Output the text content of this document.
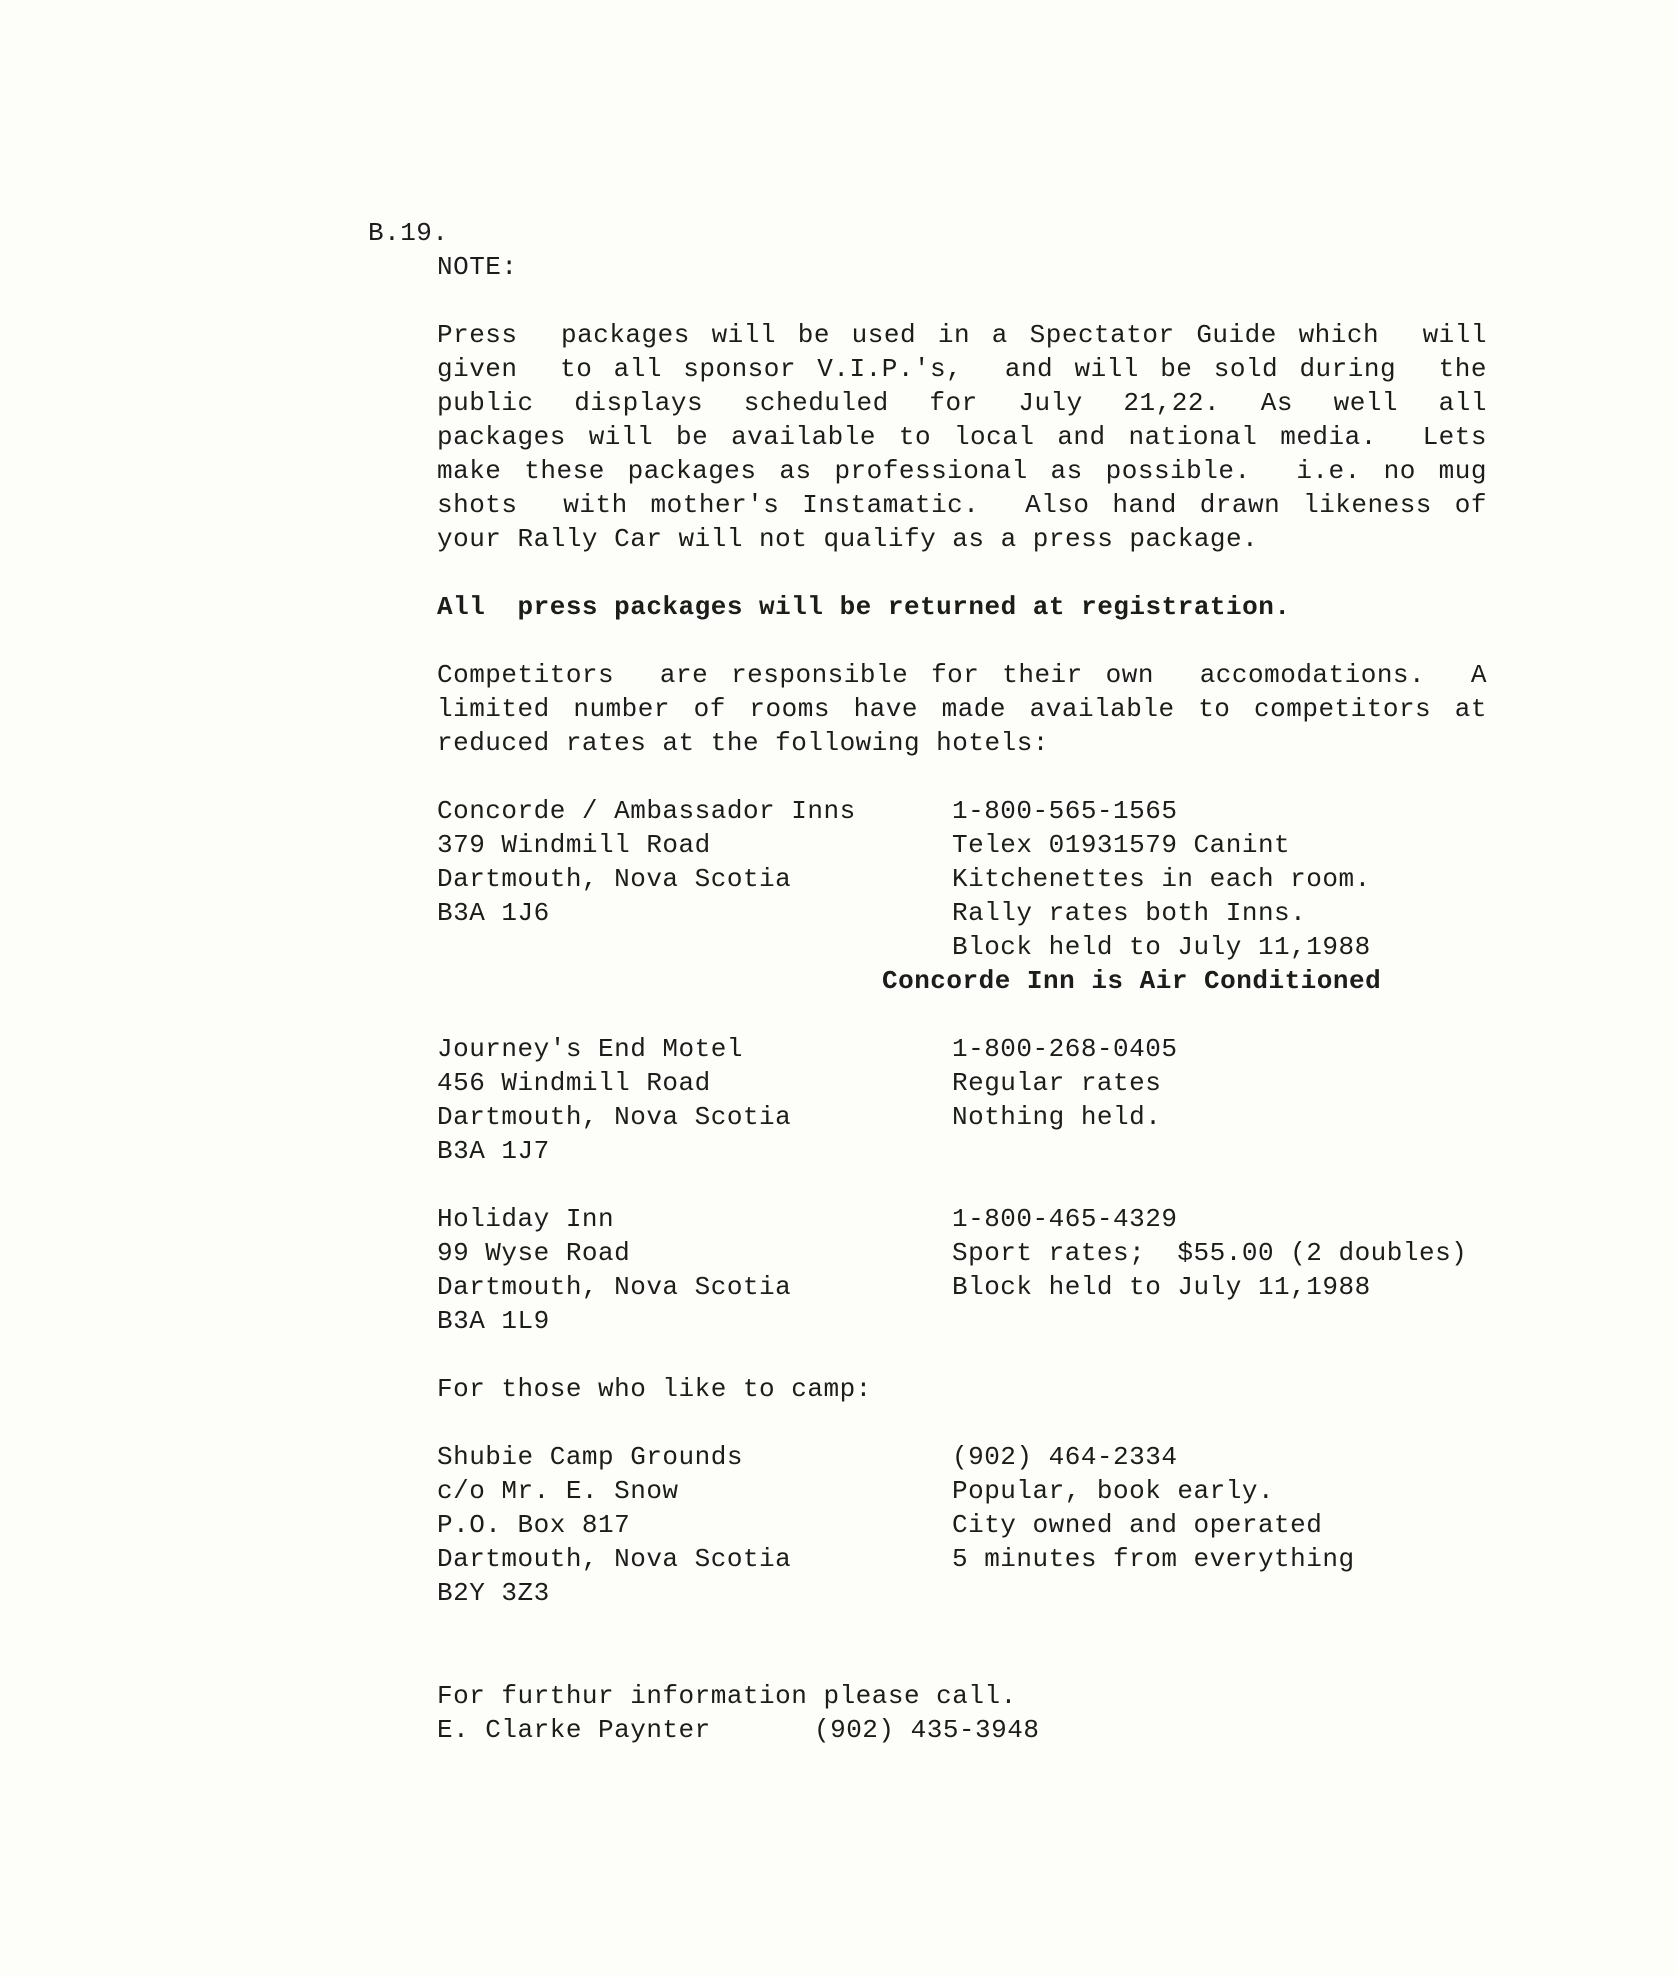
B.19.
NOTE:
Press  packages will be used in a Spectator Guide which  will
given  to all sponsor V.I.P.'s,  and will be sold during  the
public  displays  scheduled  for  July  21,22.  As  well  all
packages will be available to local and national media.  Lets
make these packages as professional as possible.  i.e. no mug
shots  with mother's Instamatic.  Also hand drawn likeness of
your Rally Car will not qualify as a press package.
All  press packages will be returned at registration.
Competitors  are responsible for their own  accomodations.  A
limited number of rooms have made available to competitors at
reduced rates at the following hotels:
Concorde / Ambassador Inns
379 Windmill Road
Dartmouth, Nova Scotia
B3A 1J6
1-800-565-1565
Telex 01931579 Canint
Kitchenettes in each room.
Rally rates both Inns.
Block held to July 11,1988
Concorde Inn is Air Conditioned
Journey's End Motel
456 Windmill Road
Dartmouth, Nova Scotia
B3A 1J7
1-800-268-0405
Regular rates
Nothing held.
Holiday Inn
99 Wyse Road
Dartmouth, Nova Scotia
B3A 1L9
1-800-465-4329
Sport rates;  $55.00 (2 doubles)
Block held to July 11,1988
For those who like to camp:
Shubie Camp Grounds
c/o Mr. E. Snow
P.O. Box 817
Dartmouth, Nova Scotia
B2Y 3Z3
(902) 464-2334
Popular, book early.
City owned and operated
5 minutes from everything
For furthur information please call.
E. Clarke Paynter	(902) 435-3948
